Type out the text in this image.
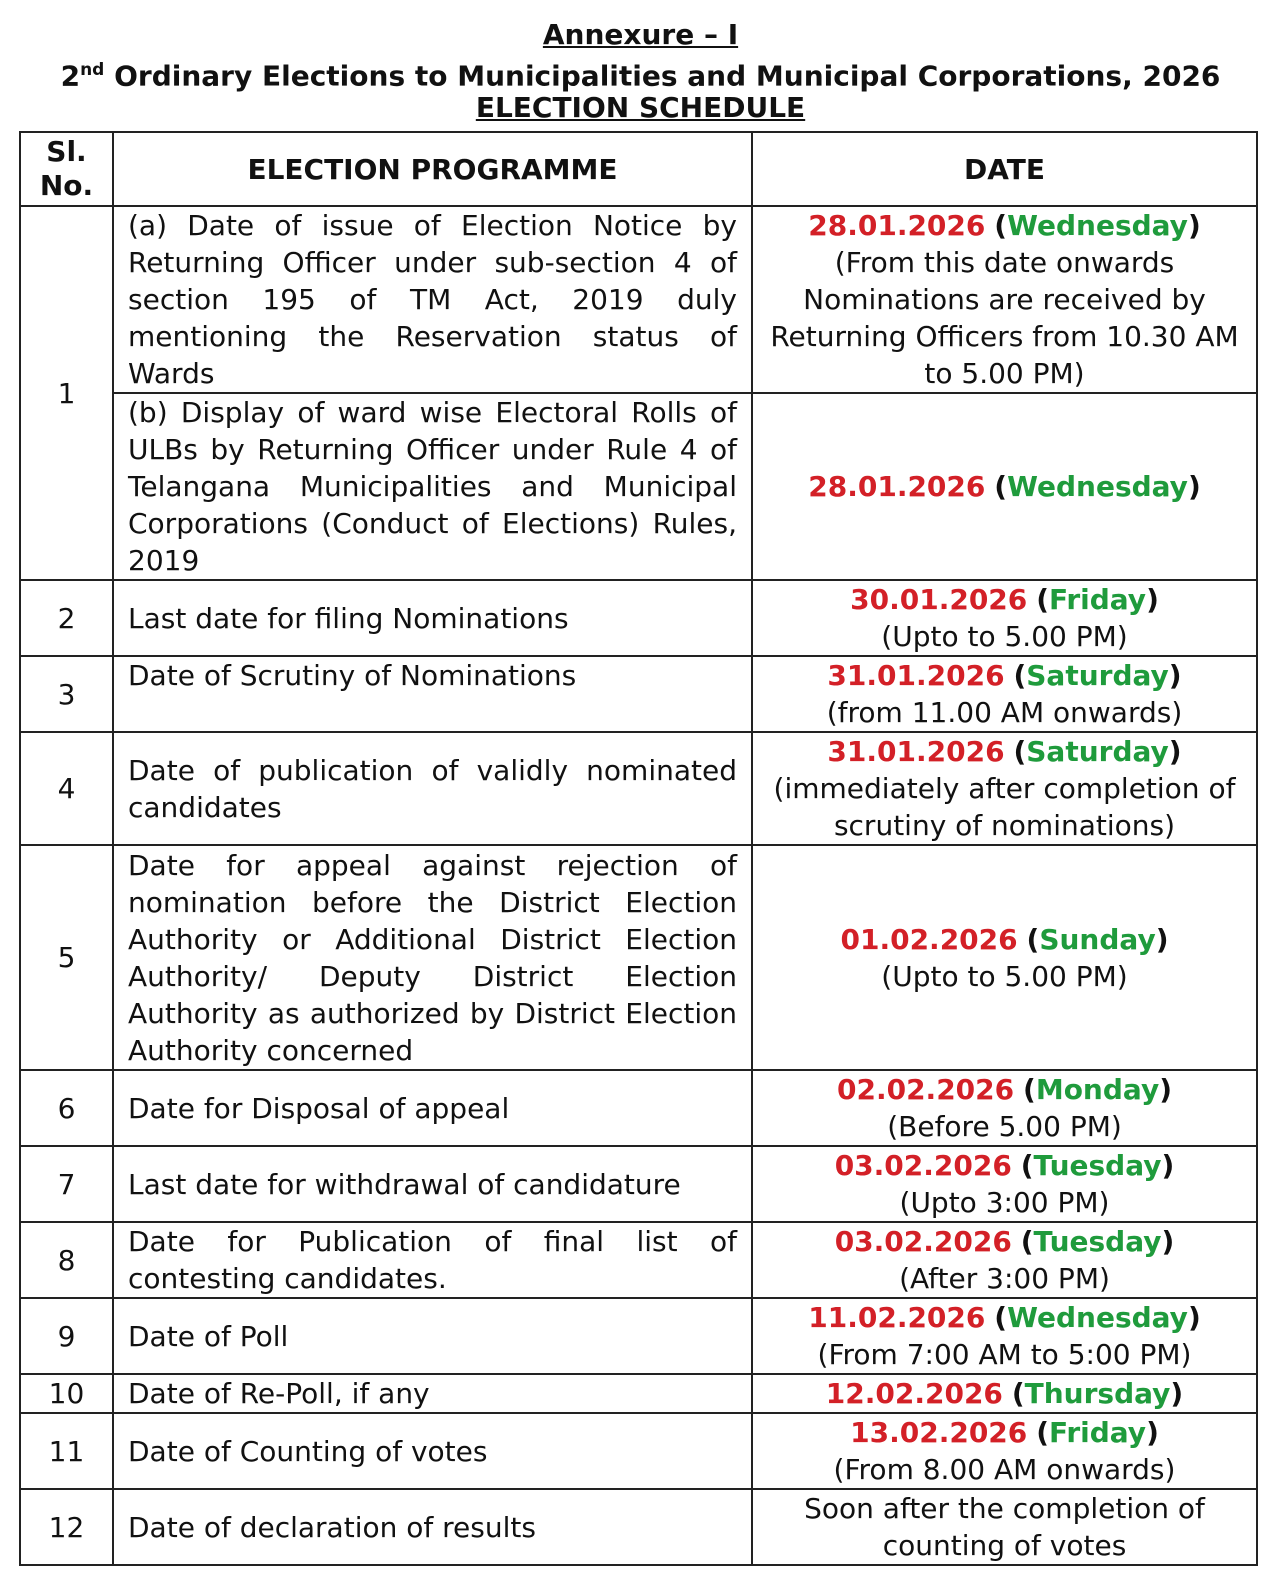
Annexure – I
2nd Ordinary Elections to Municipalities and Municipal Corporations, 2026
ELECTION SCHEDULE
Sl. No.	ELECTION PROGRAMME	DATE
1	(a) Date of issue of Election Notice by Returning Officer under sub-section 4 of section 195 of TM Act, 2019 duly mentioning the Reservation status of Wards	28.01.2026 (Wednesday)
(From this date onwards Nominations are received by Returning Officers from 10.30 AM to 5.00 PM)
	(b) Display of ward wise Electoral Rolls of ULBs by Returning Officer under Rule 4 of Telangana Municipalities and Municipal Corporations (Conduct of Elections) Rules, 2019	28.01.2026 (Wednesday)
2	Last date for filing Nominations	30.01.2026 (Friday)
(Upto to 5.00 PM)
3	Date of Scrutiny of Nominations	31.01.2026 (Saturday)
(from 11.00 AM onwards)
4	Date of publication of validly nominated candidates	31.01.2026 (Saturday)
(immediately after completion of scrutiny of nominations)
5	Date for appeal against rejection of nomination before the District Election Authority or Additional District Election Authority/ Deputy District Election Authority as authorized by District Election Authority concerned	01.02.2026 (Sunday)
(Upto to 5.00 PM)
6	Date for Disposal of appeal	02.02.2026 (Monday)
(Before 5.00 PM)
7	Last date for withdrawal of candidature	03.02.2026 (Tuesday)
(Upto 3:00 PM)
8	Date for Publication of final list of contesting candidates.	03.02.2026 (Tuesday)
(After 3:00 PM)
9	Date of Poll	11.02.2026 (Wednesday)
(From 7:00 AM to 5:00 PM)
10	Date of Re-Poll, if any	12.02.2026 (Thursday)
11	Date of Counting of votes	13.02.2026 (Friday)
(From 8.00 AM onwards)
12	Date of declaration of results	Soon after the completion of counting of votes
